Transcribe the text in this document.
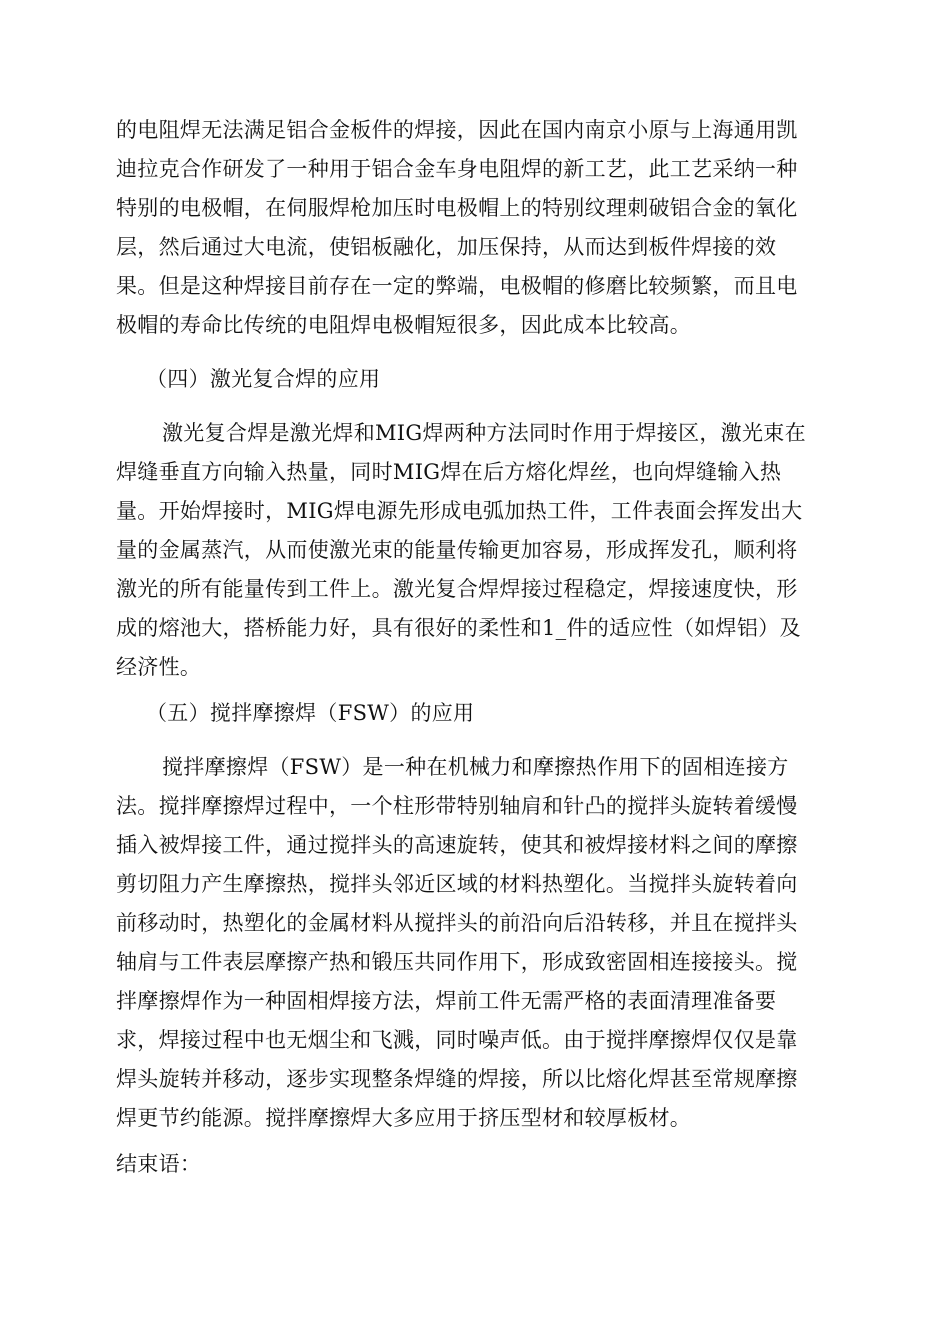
的电阻焊无法满足铝合金板件的焊接，因此在国内南京小原与上海通用凯
迪拉克合作研发了一种用于铝合金车身电阻焊的新工艺，此工艺采纳一种
特别的电极帽，在伺服焊枪加压时电极帽上的特别纹理刺破铝合金的氧化
层，然后通过大电流，使铝板融化，加压保持，从而达到板件焊接的效
果。但是这种焊接目前存在一定的弊端，电极帽的修磨比较频繁，而且电
极帽的寿命比传统的电阻焊电极帽短很多，因此成本比较高。
（四）激光复合焊的应用
激光复合焊是激光焊和MIG焊两种方法同时作用于焊接区，激光束在
焊缝垂直方向输入热量，同时MIG焊在后方熔化焊丝，也向焊缝输入热
量。开始焊接时，MIG焊电源先形成电弧加热工件，工件表面会挥发出大
量的金属蒸汽，从而使激光束的能量传输更加容易，形成挥发孔，顺利将
激光的所有能量传到工件上。激光复合焊焊接过程稳定，焊接速度快，形
成的熔池大，搭桥能力好，具有很好的柔性和1_件的适应性（如焊铝）及
经济性。
（五）搅拌摩擦焊（FSW）的应用
搅拌摩擦焊（FSW）是一种在机械力和摩擦热作用下的固相连接方
法。搅拌摩擦焊过程中，一个柱形带特别轴肩和针凸的搅拌头旋转着缓慢
插入被焊接工件，通过搅拌头的高速旋转，使其和被焊接材料之间的摩擦
剪切阻力产生摩擦热，搅拌头邻近区域的材料热塑化。当搅拌头旋转着向
前移动时，热塑化的金属材料从搅拌头的前沿向后沿转移，并且在搅拌头
轴肩与工件表层摩擦产热和锻压共同作用下，形成致密固相连接接头。搅
拌摩擦焊作为一种固相焊接方法，焊前工件无需严格的表面清理准备要
求，焊接过程中也无烟尘和飞溅，同时噪声低。由于搅拌摩擦焊仅仅是靠
焊头旋转并移动，逐步实现整条焊缝的焊接，所以比熔化焊甚至常规摩擦
焊更节约能源。搅拌摩擦焊大多应用于挤压型材和较厚板材。
结束语：
